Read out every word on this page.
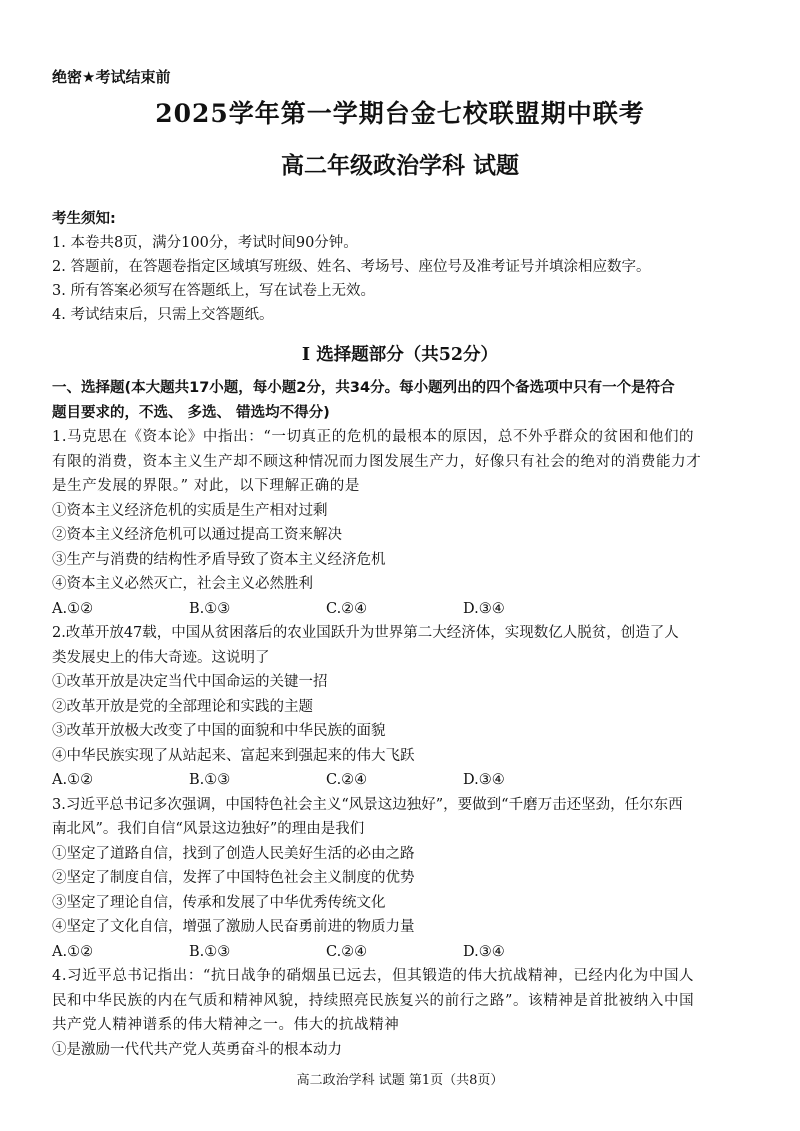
绝密★考试结束前
2025学年第一学期台金七校联盟期中联考
高二年级政治学科 试题
考生须知:
1. 本卷共8页，满分100分，考试时间90分钟。
2. 答题前，在答题卷指定区域填写班级、姓名、考场号、座位号及准考证号并填涂相应数字。
3. 所有答案必须写在答题纸上，写在试卷上无效。
4. 考试结束后，只需上交答题纸。
I 选择题部分（共52分）
一、选择题(本大题共17小题，每小题2分，共34分。每小题列出的四个备选项中只有一个是符合
题目要求的，不选、 多选、 错选均不得分)
1.马克思在《资本论》中指出：“一切真正的危机的最根本的原因，总不外乎群众的贫困和他们的
有限的消费，资本主义生产却不顾这种情况而力图发展生产力，好像只有社会的绝对的消费能力才
是生产发展的界限。” 对此，以下理解正确的是
①资本主义经济危机的实质是生产相对过剩
②资本主义经济危机可以通过提高工资来解决
③生产与消费的结构性矛盾导致了资本主义经济危机
④资本主义必然灭亡，社会主义必然胜利
A.①②	B.①③	C.②④	D.③④
2.改革开放47载，中国从贫困落后的农业国跃升为世界第二大经济体，实现数亿人脱贫，创造了人
类发展史上的伟大奇迹。这说明了
①改革开放是决定当代中国命运的关键一招
②改革开放是党的全部理论和实践的主题
③改革开放极大改变了中国的面貌和中华民族的面貌
④中华民族实现了从站起来、富起来到强起来的伟大飞跃
A.①②	B.①③	C.②④	D.③④
3.习近平总书记多次强调，中国特色社会主义“风景这边独好”，要做到“千磨万击还坚劲，任尔东西
南北风”。我们自信“风景这边独好”的理由是我们
①坚定了道路自信，找到了创造人民美好生活的必由之路
②坚定了制度自信，发挥了中国特色社会主义制度的优势
③坚定了理论自信，传承和发展了中华优秀传统文化
④坚定了文化自信，增强了激励人民奋勇前进的物质力量
A.①②	B.①③	C.②④	D.③④
4.习近平总书记指出：“抗日战争的硝烟虽已远去，但其锻造的伟大抗战精神，已经内化为中国人
民和中华民族的内在气质和精神风貌，持续照亮民族复兴的前行之路”。该精神是首批被纳入中国
共产党人精神谱系的伟大精神之一。伟大的抗战精神
①是激励一代代共产党人英勇奋斗的根本动力
高二政治学科 试题 第1页（共8页）
